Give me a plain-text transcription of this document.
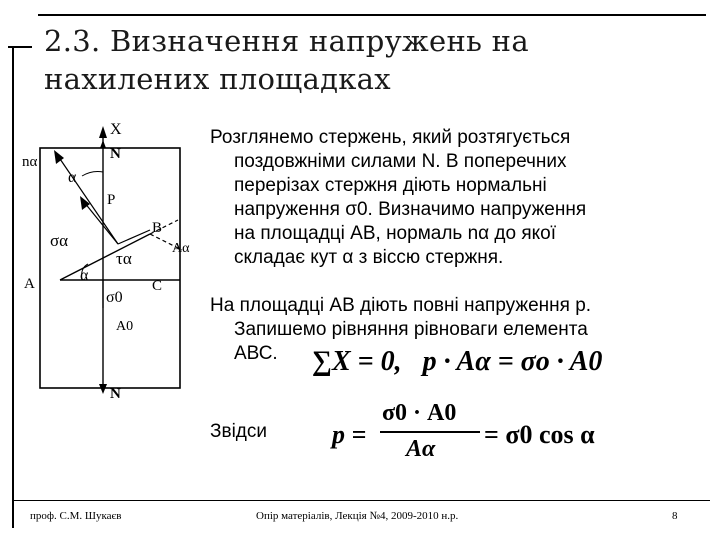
2.3. Визначення напружень на нахилених площадках
X
N
nα
α
P
B
σα	Aα
τα
α
A	C
σ0
A0
N
Розглянемо стержень, який розтягується
поздовжніми силами N. В поперечних
перерізах стержня діють нормальні
напруження σ0. Визначимо напруження
на площадці АВ, нормаль nα до якої
складає кут α з віссю стержня.
На площадці АВ діють повні напруження p.
Запишемо рівняння рівноваги елемента
АВС.	∑X = 0,   p · Aα = σo · A0
Звідси	p =
σ0 · A0
Aα = σ0 cos α
проф. С.М. Шукаєв	Опір матеріалів, Лекція №4, 2009-2010 н.р.	8
